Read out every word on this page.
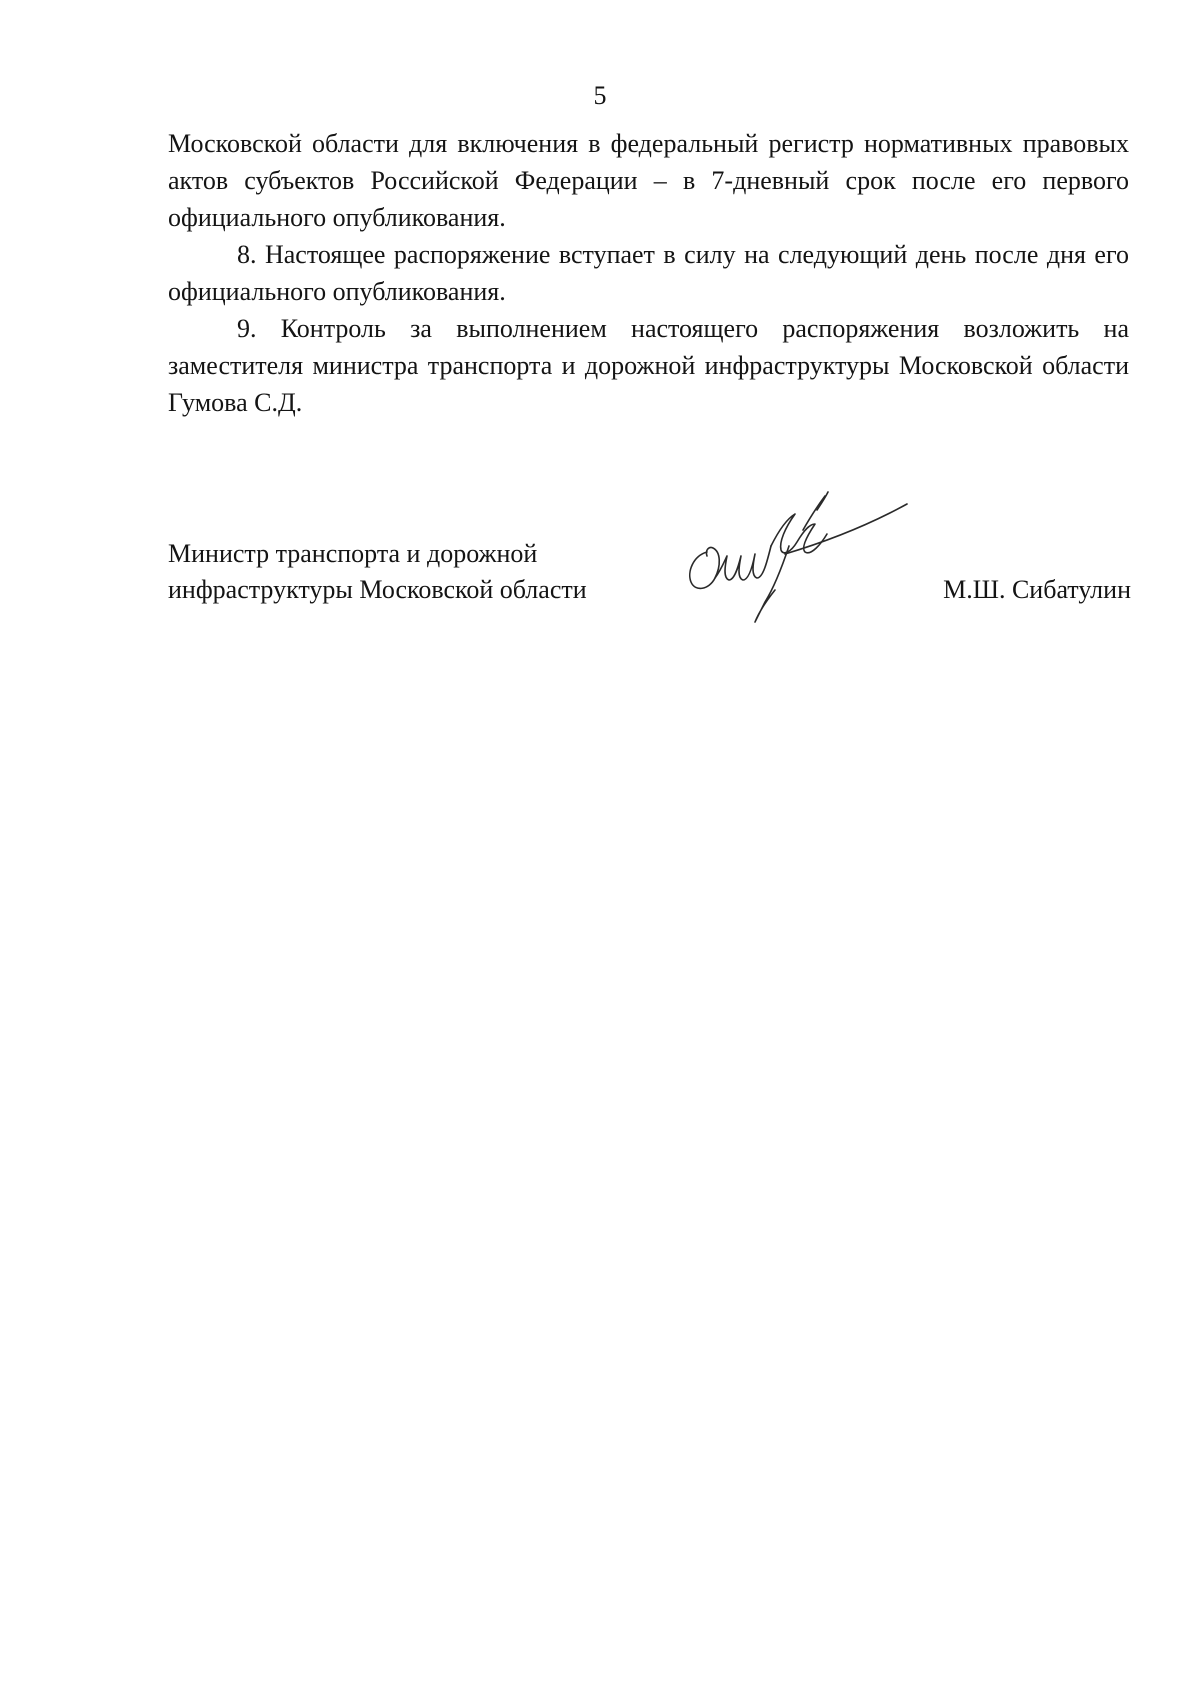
5

Московской области для включения в федеральный регистр нормативных правовых актов субъектов Российской Федерации – в 7-дневный срок после его первого официального опубликования.

8. Настоящее распоряжение вступает в силу на следующий день после дня его официального опубликования.

9. Контроль за выполнением настоящего распоряжения возложить на заместителя министра транспорта и дорожной инфраструктуры Московской области Гумова С.Д.

Министр транспорта и дорожной
инфраструктуры Московской области	М.Ш. Сибатулин
